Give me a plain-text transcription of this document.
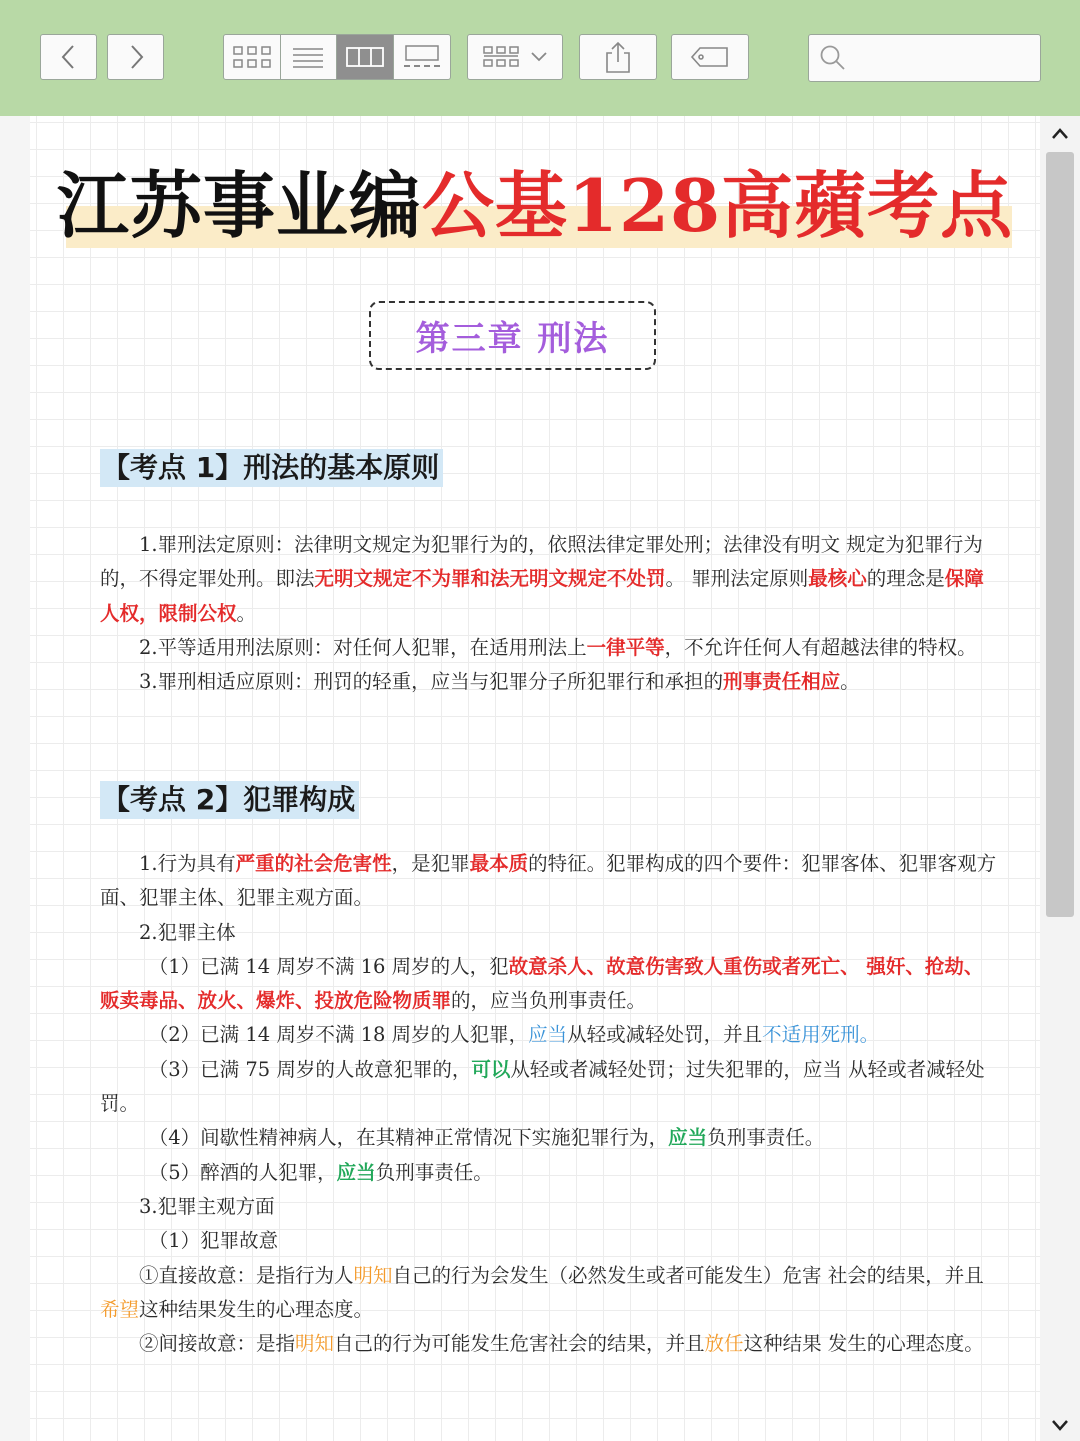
江苏事业编公基128高蘋考点
第三章 刑法
【考点 1】刑法的基本原则

1.罪刑法定原则：法律明文规定为犯罪行为的，依照法律定罪处刑；法律没有明文 规定为犯罪行为的，不得定罪处刑。即法无明文规定不为罪和法无明文规定不处罚。 罪刑法定原则最核心的理念是保障人权，限制公权。

2.平等适用刑法原则：对任何人犯罪，在适用刑法上一律平等，不允许任何人有超越法律的特权。

3.罪刑相适应原则：刑罚的轻重，应当与犯罪分子所犯罪行和承担的刑事责任相应。

【考点 2】犯罪构成

1.行为具有严重的社会危害性，是犯罪最本质的特征。犯罪构成的四个要件：犯罪客体、犯罪客观方面、犯罪主体、犯罪主观方面。

2.犯罪主体

（1）已满 14 周岁不满 16 周岁的人，犯故意杀人、故意伤害致人重伤或者死亡、 强奸、抢劫、贩卖毒品、放火、爆炸、投放危险物质罪的，应当负刑事责任。

（2）已满 14 周岁不满 18 周岁的人犯罪，应当从轻或减轻处罚，并且不适用死刑。

（3）已满 75 周岁的人故意犯罪的，可以从轻或者减轻处罚；过失犯罪的，应当 从轻或者减轻处罚。

（4）间歇性精神病人，在其精神正常情况下实施犯罪行为，应当负刑事责任。

（5）醉酒的人犯罪，应当负刑事责任。

3.犯罪主观方面

（1）犯罪故意

①直接故意：是指行为人明知自己的行为会发生（必然发生或者可能发生）危害 社会的结果，并且希望这种结果发生的心理态度。

②间接故意：是指明知自己的行为可能发生危害社会的结果，并且放任这种结果 发生的心理态度。
